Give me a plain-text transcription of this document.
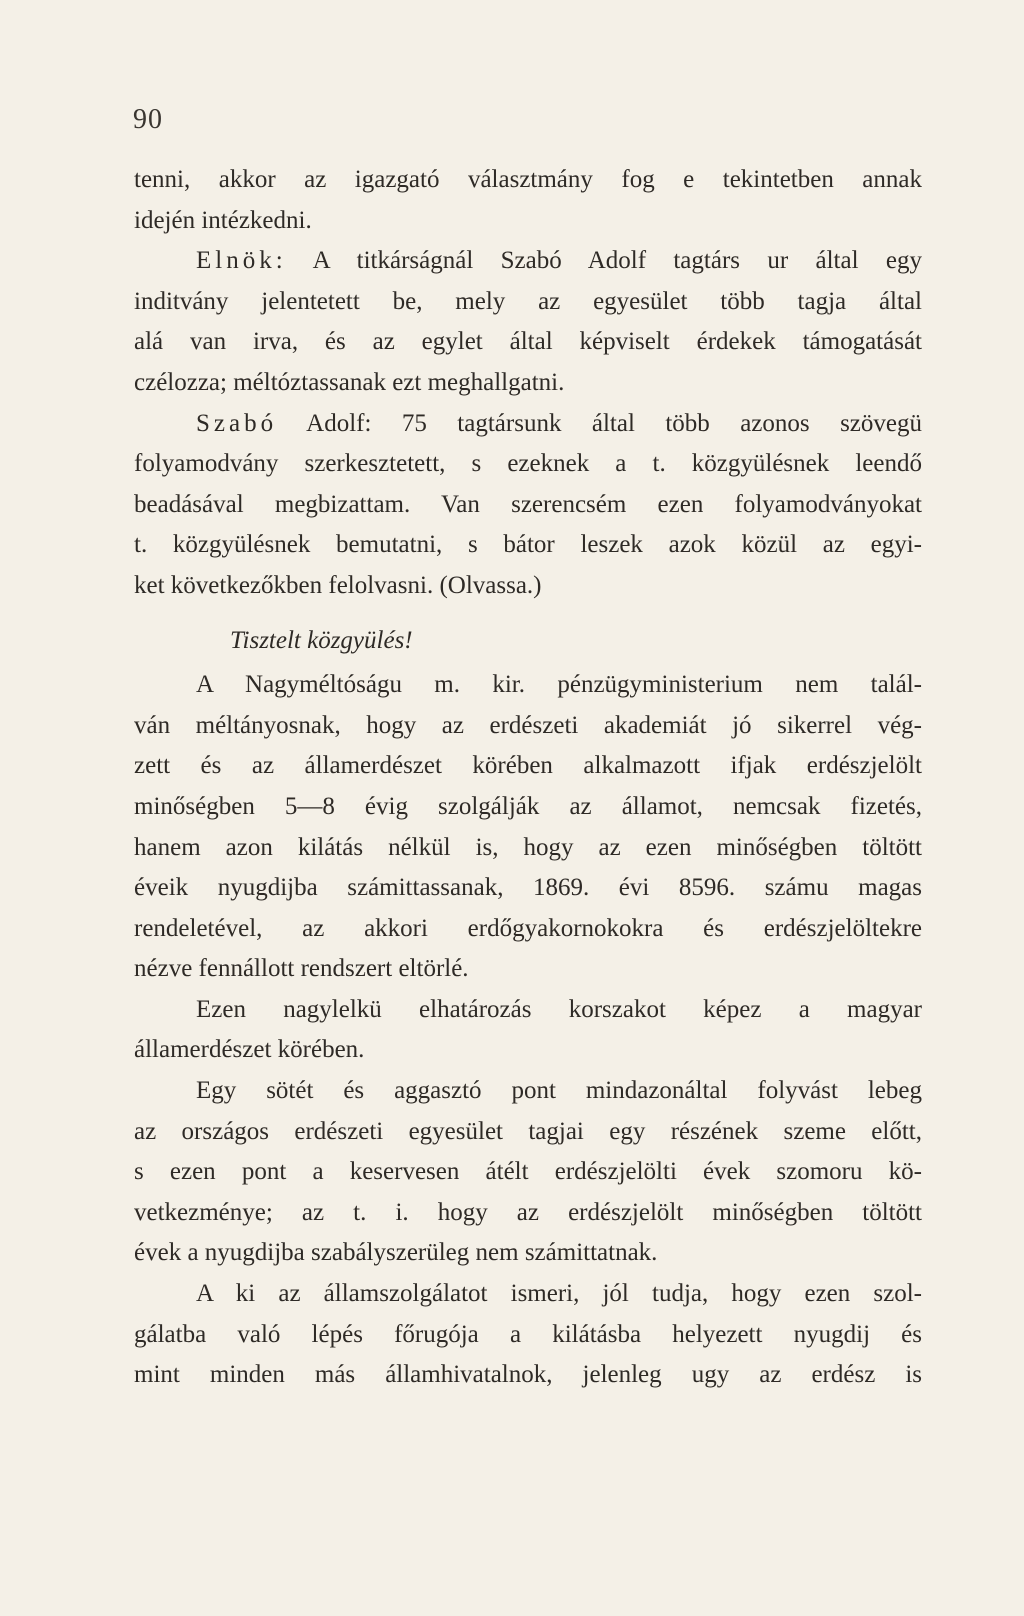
90
tenni, akkor az igazgató választmány fog e tekintetben annak
idején intézkedni.
Elnök: A titkárságnál Szabó Adolf tagtárs ur által egy
inditvány jelentetett be, mely az egyesület több tagja által
alá van irva, és az egylet által képviselt érdekek támogatását
czélozza; méltóztassanak ezt meghallgatni.
Szabó Adolf: 75 tagtársunk által több azonos szövegü
folyamodvány szerkesztetett, s ezeknek a t. közgyülésnek leendő
beadásával megbizattam. Van szerencsém ezen folyamodványokat
t. közgyülésnek bemutatni, s bátor leszek azok közül az egyi-
ket következőkben felolvasni. (Olvassa.)
Tisztelt közgyülés!
A Nagyméltóságu m. kir. pénzügyministerium nem talál-
ván méltányosnak, hogy az erdészeti akademiát jó sikerrel vég-
zett és az államerdészet körében alkalmazott ifjak erdészjelölt
minőségben 5—8 évig szolgálják az államot, nemcsak fizetés,
hanem azon kilátás nélkül is, hogy az ezen minőségben töltött
éveik nyugdijba számittassanak, 1869. évi 8596. számu magas
rendeletével, az akkori erdőgyakornokokra és erdészjelöltekre
nézve fennállott rendszert eltörlé.
Ezen nagylelkü elhatározás korszakot képez a magyar
államerdészet körében.
Egy sötét és aggasztó pont mindazonáltal folyvást lebeg
az országos erdészeti egyesület tagjai egy részének szeme előtt,
s ezen pont a keservesen átélt erdészjelölti évek szomoru kö-
vetkezménye; az t. i. hogy az erdészjelölt minőségben töltött
évek a nyugdijba szabályszerüleg nem számittatnak.
A ki az államszolgálatot ismeri, jól tudja, hogy ezen szol-
gálatba való lépés főrugója a kilátásba helyezett nyugdij és
mint minden más államhivatalnok, jelenleg ugy az erdész is
